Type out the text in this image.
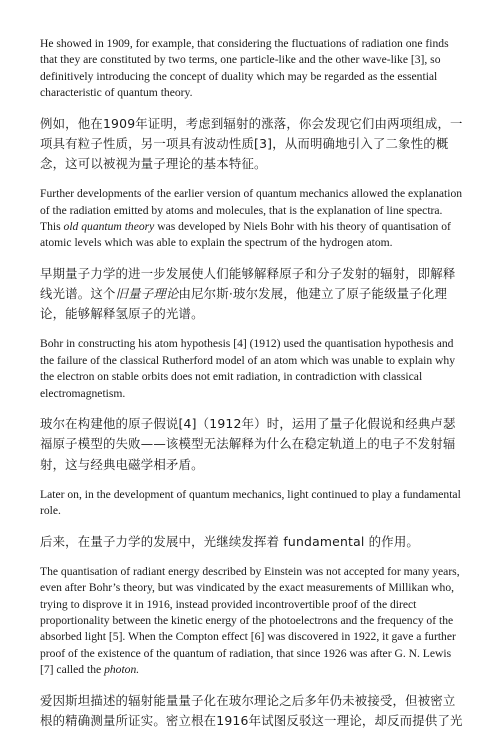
He showed in 1909, for example, that considering the fluctuations of radiation one finds that they are constituted by two terms, one particle-like and the other wave-like [3], so definitively introducing the concept of duality which may be regarded as the essential characteristic of quantum theory.

例如，他在1909年证明，考虑到辐射的涨落，你会发现它们由两项组成，一项具有粒子性质，另一项具有波动性质[3]，从而明确地引入了二象性的概念，这可以被视为量子理论的基本特征。

Further developments of the earlier version of quantum mechanics allowed the explanation of the radiation emitted by atoms and molecules, that is the explanation of line spectra. This old quantum theory was developed by Niels Bohr with his theory of quantisation of atomic levels which was able to explain the spectrum of the hydrogen atom.

早期量子力学的进一步发展使人们能够解释原子和分子发射的辐射，即解释线光谱。这个旧量子理论由尼尔斯·玻尔发展，他建立了原子能级量子化理论，能够解释氢原子的光谱。

Bohr in constructing his atom hypothesis [4] (1912) used the quantisation hypothesis and the failure of the classical Rutherford model of an atom which was unable to explain why the electron on stable orbits does not emit radiation, in contradiction with classical electromagnetism.

玻尔在构建他的原子假说[4]（1912年）时，运用了量子化假说和经典卢瑟福原子模型的失败——该模型无法解释为什么在稳定轨道上的电子不发射辐射，这与经典电磁学相矛盾。

Later on, in the development of quantum mechanics, light continued to play a fundamental role.

后来，在量子力学的发展中，光继续发挥着 fundamental 的作用。

The quantisation of radiant energy described by Einstein was not accepted for many years, even after Bohr’s theory, but was vindicated by the exact measurements of Millikan who, trying to disprove it in 1916, instead provided incontrovertible proof of the direct proportionality between the kinetic energy of the photoelectrons and the frequency of the absorbed light [5]. When the Compton effect [6] was discovered in 1922, it gave a further proof of the existence of the quantum of radiation, that since 1926 was after G. N. Lewis [7] called the photon.

爱因斯坦描述的辐射能量量子化在玻尔理论之后多年仍未被接受，但被密立根的精确测量所证实。密立根在1916年试图反驳这一理论，却反而提供了光
